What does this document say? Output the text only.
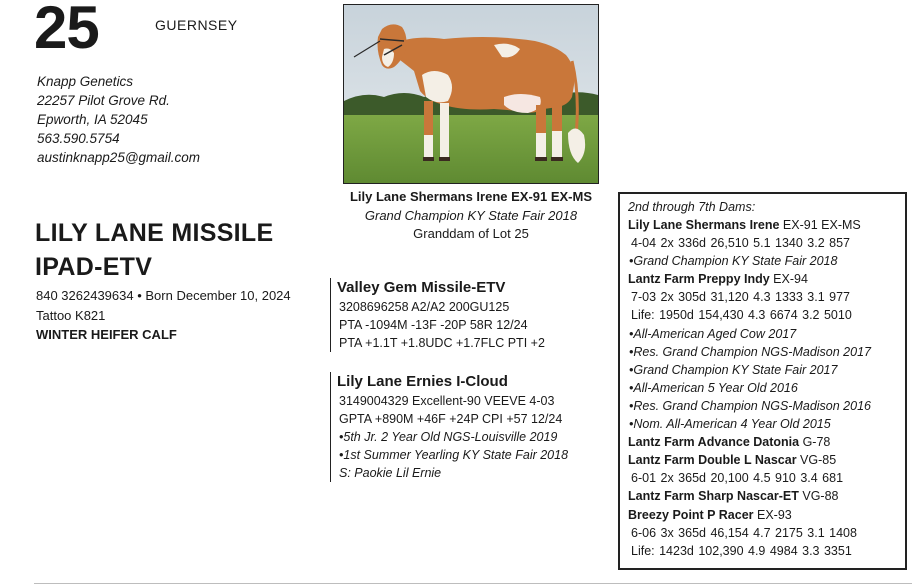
25	GUERNSEY
Knapp Genetics
22257 Pilot Grove Rd.
Epworth, IA 52045
563.590.5754
austinknapp25@gmail.com
LILY LANE MISSILE
IPAD-ETV
840 3262439634 • Born December 10, 2024
Tattoo K821
WINTER HEIFER CALF
Lily Lane Shermans Irene EX-91 EX-MS
Grand Champion KY State Fair 2018
Granddam of Lot 25
Valley Gem Missile-ETV
3208696258 A2/A2 200GU125
PTA -1094M -13F -20P 58R 12/24
PTA +1.1T +1.8UDC +1.7FLC PTI +2
Lily Lane Ernies I-Cloud
3149004329 Excellent-90 VEEVE 4-03
GPTA +890M +46F +24P CPI +57 12/24
•5th Jr. 2 Year Old NGS-Louisville 2019
•1st Summer Yearling KY State Fair 2018
S: Paokie Lil Ernie
2nd through 7th Dams:
Lily Lane Shermans Irene EX-91 EX-MS
4-04 2x 336d 26,510 5.1 1340 3.2 857
•Grand Champion KY State Fair 2018
Lantz Farm Preppy Indy EX-94
7-03 2x 305d 31,120 4.3 1333 3.1 977
Life: 1950d 154,430 4.3 6674 3.2 5010
•All-American Aged Cow 2017
•Res. Grand Champion NGS-Madison 2017
•Grand Champion KY State Fair 2017
•All-American 5 Year Old 2016
•Res. Grand Champion NGS-Madison 2016
•Nom. All-American 4 Year Old 2015
Lantz Farm Advance Datonia G-78
Lantz Farm Double L Nascar VG-85
6-01 2x 365d 20,100 4.5 910 3.4 681
Lantz Farm Sharp Nascar-ET VG-88
Breezy Point P Racer EX-93
6-06 3x 365d 46,154 4.7 2175 3.1 1408
Life: 1423d 102,390 4.9 4984 3.3 3351
